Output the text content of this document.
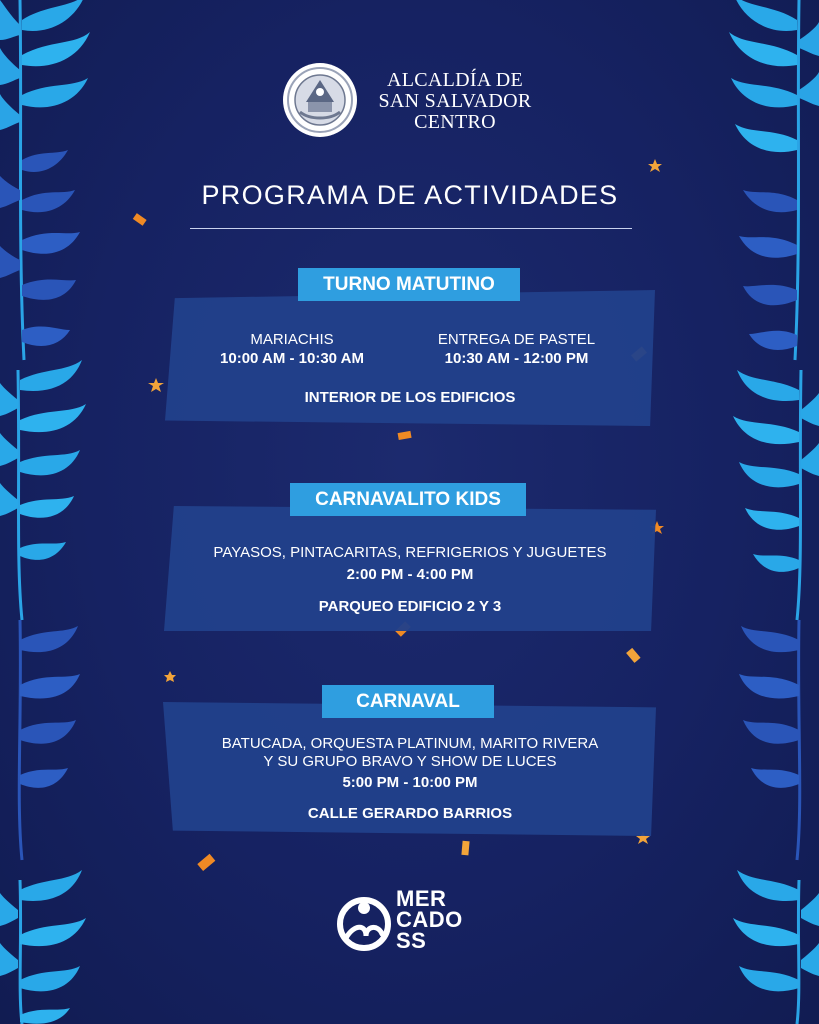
ALCALDÍA DE
SAN SALVADOR
CENTRO
PROGRAMA DE ACTIVIDADES
TURNO MATUTINO
MARIACHIS
10:00 AM - 10:30 AM
ENTREGA DE PASTEL
10:30 AM - 12:00 PM
INTERIOR DE LOS EDIFICIOS
CARNAVALITO KIDS
PAYASOS, PINTACARITAS, REFRIGERIOS Y JUGUETES
2:00 PM - 4:00 PM
PARQUEO EDIFICIO 2 Y 3
CARNAVAL
BATUCADA, ORQUESTA PLATINUM, MARITO RIVERA
Y SU GRUPO BRAVO Y SHOW DE LUCES
5:00 PM - 10:00 PM
CALLE GERARDO BARRIOS
MER
CADO
SS
